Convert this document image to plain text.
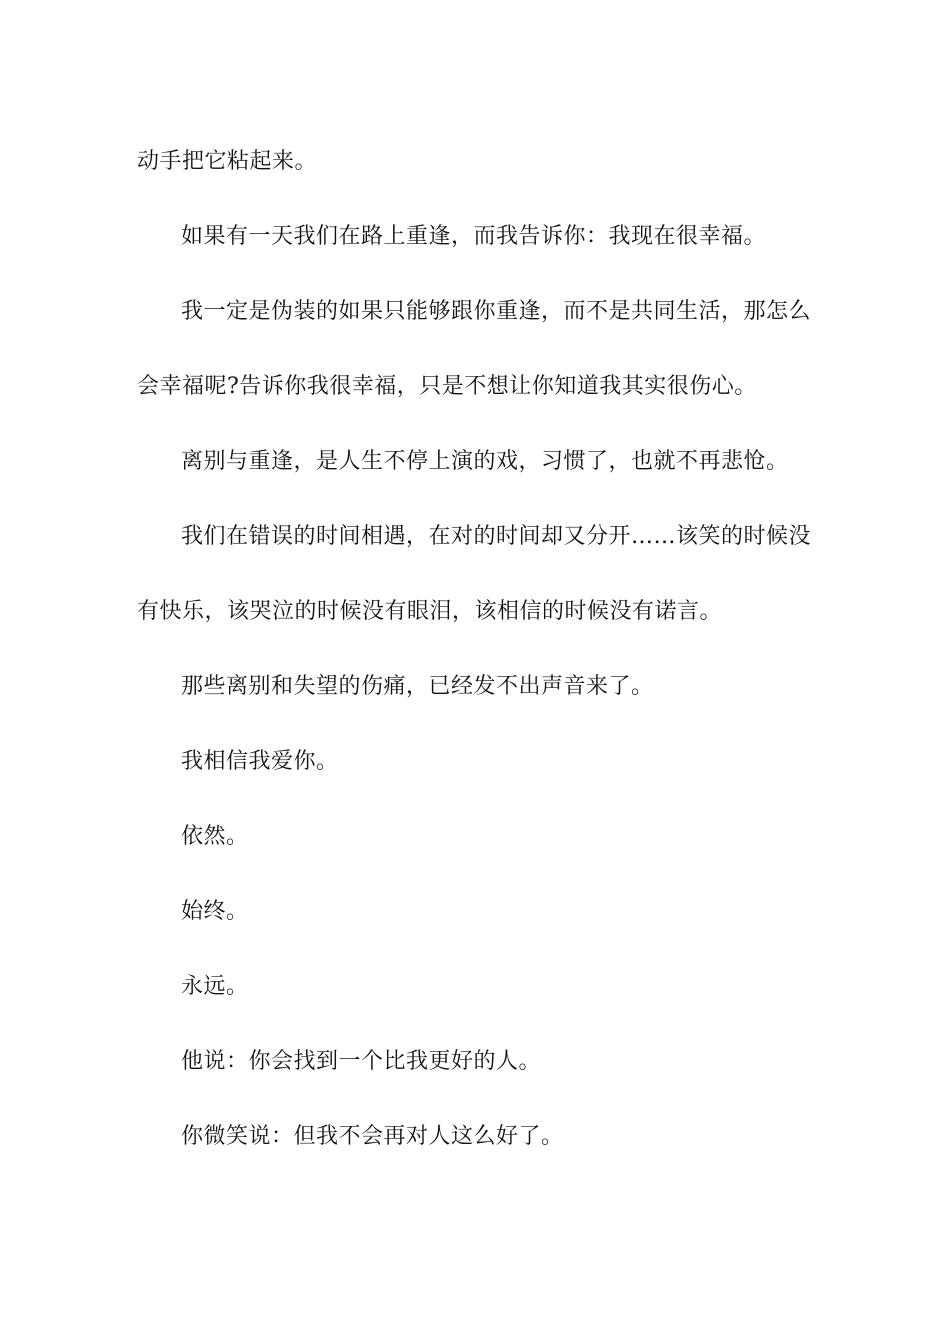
动手把它粘起来。
如果有一天我们在路上重逢，而我告诉你：我现在很幸福。
我一定是伪装的如果只能够跟你重逢，而不是共同生活，那怎么
会幸福呢?告诉你我很幸福，只是不想让你知道我其实很伤心。
离别与重逢，是人生不停上演的戏，习惯了，也就不再悲怆。
我们在错误的时间相遇，在对的时间却又分开……该笑的时候没
有快乐，该哭泣的时候没有眼泪，该相信的时候没有诺言。
那些离别和失望的伤痛，已经发不出声音来了。
我相信我爱你。
依然。
始终。
永远。
他说：你会找到一个比我更好的人。
你微笑说：但我不会再对人这么好了。
